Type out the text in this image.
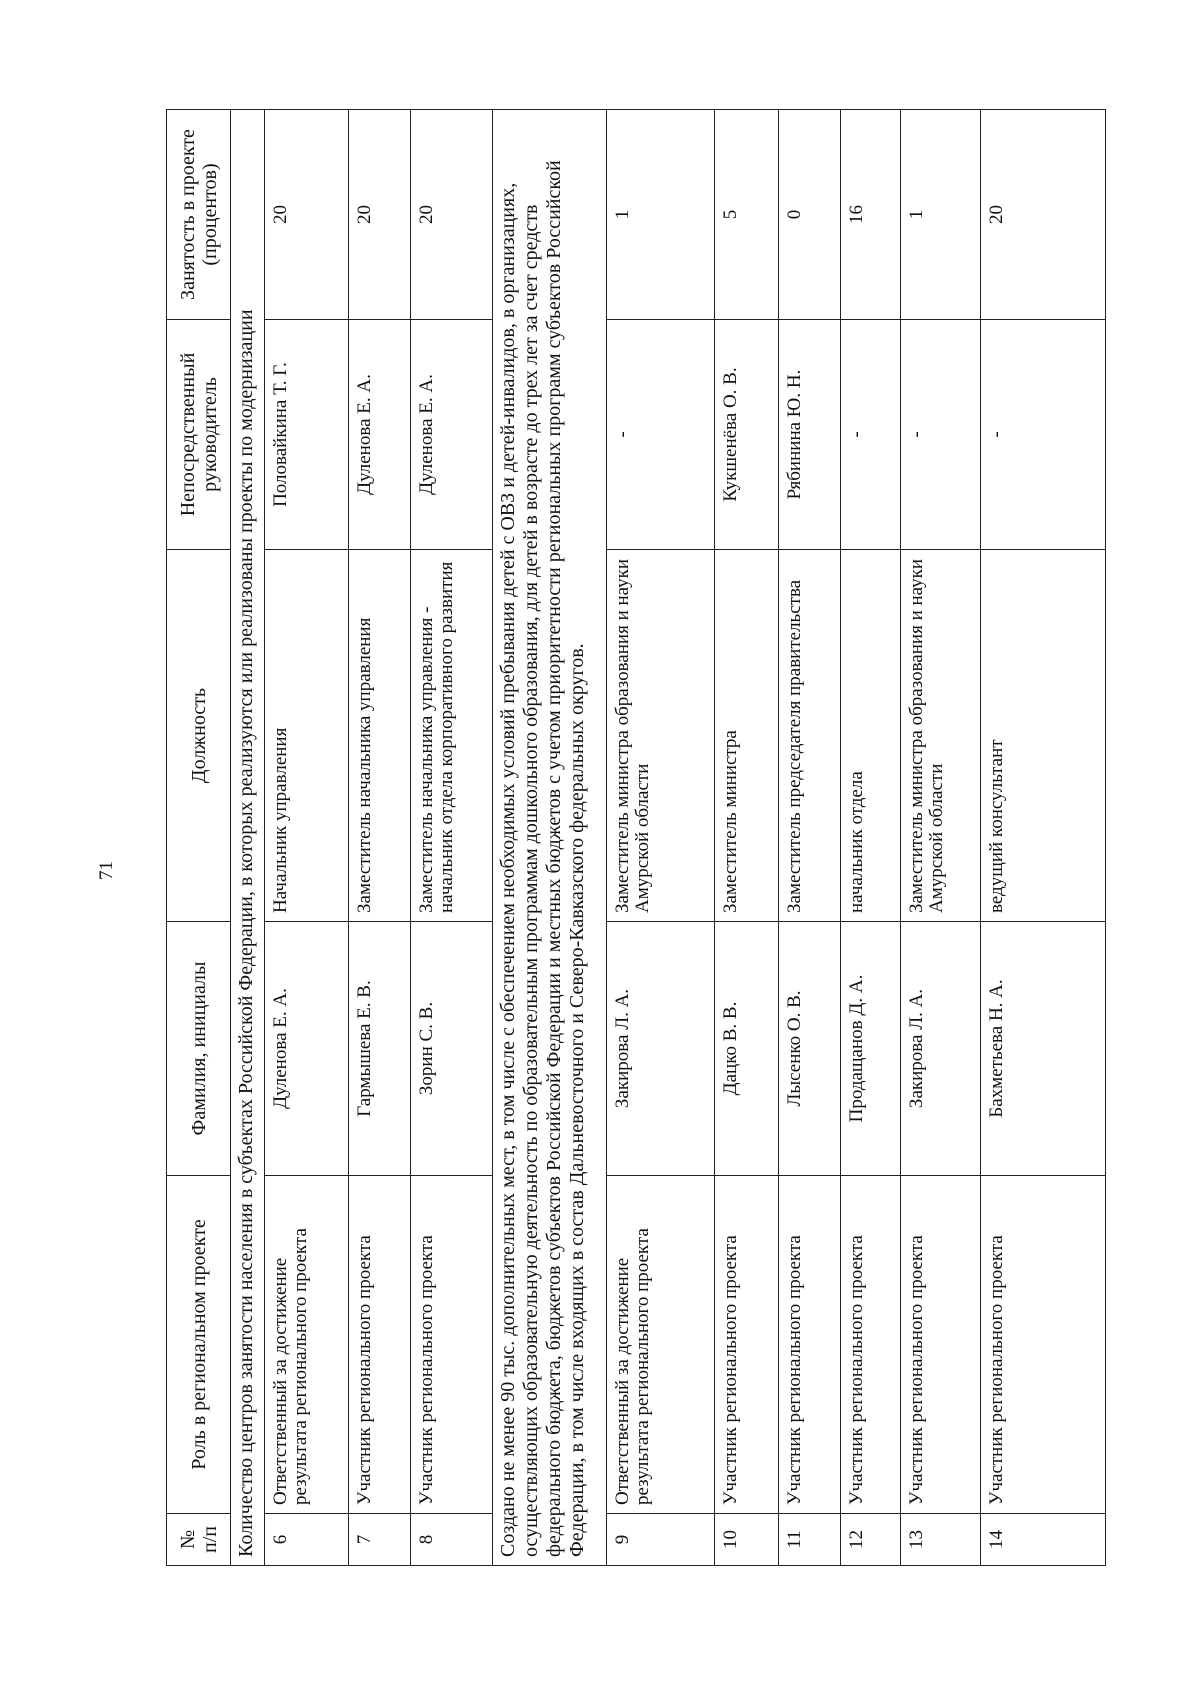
71
№ п/п	Роль в региональном проекте	Фамилия, инициалы	Должность	Непосредственный руководитель	Занятость в проекте (процентов)
Количество центров занятости населения в субъектах Российской Федерации, в которых реализуются или реализованы проекты по модернизации					
6	Ответственный за достижение результата регионального проекта	Дуленова Е. А.	Начальник управления	Половайкина Т. Г.	20
7	Участник регионального проекта	Гармышева Е. В.	Заместитель начальника управления	Дуленова Е. А.	20
8	Участник регионального проекта	Зорин С. В.	Заместитель начальника управления - начальник отдела корпоративного развития	Дуленова Е. А.	20
Создано не менее 90 тыс. дополнительных мест, в том числе с обеспечением необходимых условий пребывания детей с ОВЗ и детей-инвалидов, в организациях, осуществляющих образовательную деятельность по образовательным программам дошкольного образования, для детей в возрасте до трех лет за счет средств федерального бюджета, бюджетов субъектов Российской Федерации и местных бюджетов с учетом приоритетности региональных программ субъектов Российской Федерации, в том числе входящих в состав Дальневосточного и Северо-Кавказского федеральных округов.					
9	Ответственный за достижение результата регионального проекта	Закирова Л. А.	Заместитель министра образования и науки Амурской области	-	1
10	Участник регионального проекта	Дацко В. В.	Заместитель министра	Кукшенёва О. В.	5
11	Участник регионального проекта	Лысенко О. В.	Заместитель председателя правительства	Рябинина Ю. Н.	0
12	Участник регионального проекта	Продащанов Д. А.	начальник отдела	-	16
13	Участник регионального проекта	Закирова Л. А.	Заместитель министра образования и науки Амурской области	-	1
14	Участник регионального проекта	Бахметьева Н. А.	ведущий консультант	-	20
